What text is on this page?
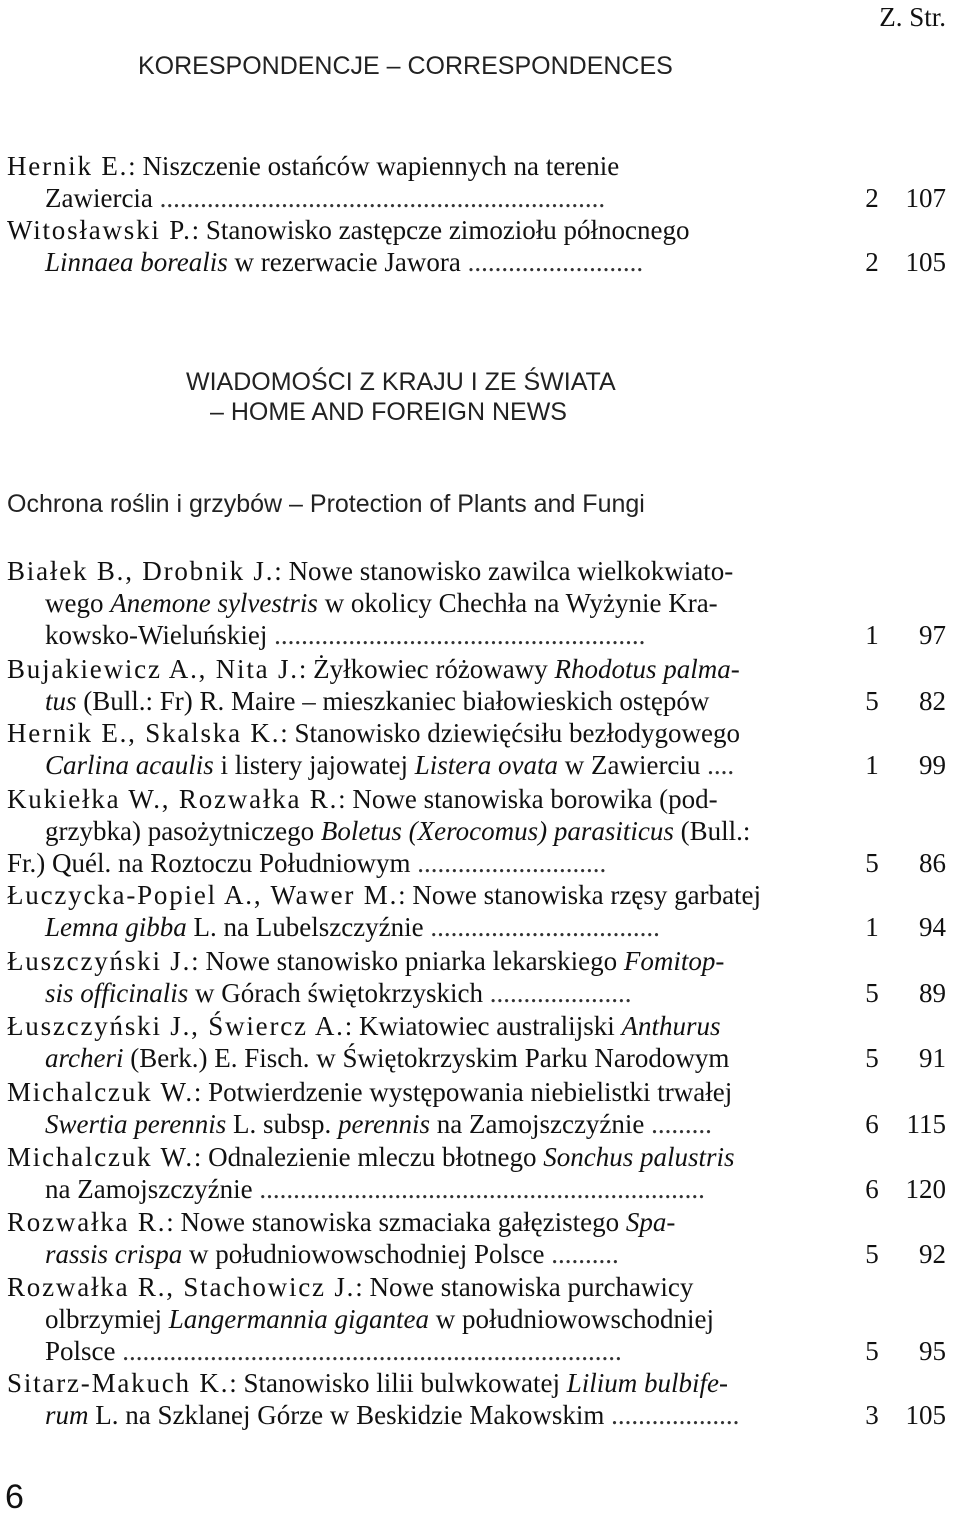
Z. Str.
KORESPONDENCJE – CORRESPONDENCES
Hernik E.: Niszczenie ostańców wapiennych na terenie
Zawiercia ..................................................................	2 107
Witosławski P.: Stanowisko zastępcze zimoziołu północnego
Linnaea borealis w rezerwacie Jawora ..........................	2 105
WIADOMOŚCI Z KRAJU I ZE ŚWIATA
– HOME AND FOREIGN NEWS
Ochrona roślin i grzybów – Protection of Plants and Fungi
Białek B., Drobnik J.: Nowe stanowisko zawilca wielkokwiato-
wego Anemone sylvestris w okolicy Chechła na Wyżynie Kra-
kowsko-Wieluńskiej .......................................................	1	97
Bujakiewicz A., Nita J.: Żyłkowiec różowawy Rhodotus palma-
tus (Bull.: Fr) R. Maire – mieszkaniec białowieskich ostępów	5	82
Hernik E., Skalska K.: Stanowisko dziewięćsiłu bezłodygowego
Carlina acaulis i listery jajowatej Listera ovata w Zawierciu ....	1	99
Kukiełka W., Rozwałka R.: Nowe stanowiska borowika (pod-
grzybka) pasożytniczego Boletus (Xerocomus) parasiticus (Bull.:
Fr.) Quél. na Roztoczu Południowym ............................	5	86
Łuczycka-Popiel A., Wawer M.: Nowe stanowiska rzęsy garbatej
Lemna gibba L. na Lubelszczyźnie ..................................	1	94
Łuszczyński J.: Nowe stanowisko pniarka lekarskiego Fomitop-
sis officinalis w Górach świętokrzyskich .....................	5	89
Łuszczyński J., Świercz A.: Kwiatowiec australijski Anthurus
archeri (Berk.) E. Fisch. w Świętokrzyskim Parku Narodowym	5	91
Michalczuk W.: Potwierdzenie występowania niebielistki trwałej
Swertia perennis L. subsp. perennis na Zamojszczyźnie .........	6	115
Michalczuk W.: Odnalezienie mleczu błotnego Sonchus palustris
na Zamojszczyźnie ..................................................................	6 120
Rozwałka R.: Nowe stanowiska szmaciaka gałęzistego Spa-
rassis crispa w południowowschodniej Polsce ..........	5	92
Rozwałka R., Stachowicz J.: Nowe stanowiska purchawicy
olbrzymiej Langermannia gigantea w południowowschodniej
Polsce ..........................................................................	5	95
Sitarz-Makuch K.: Stanowisko lilii bulwkowatej Lilium bulbife-
rum L. na Szklanej Górze w Beskidzie Makowskim ...................	3 105
6
